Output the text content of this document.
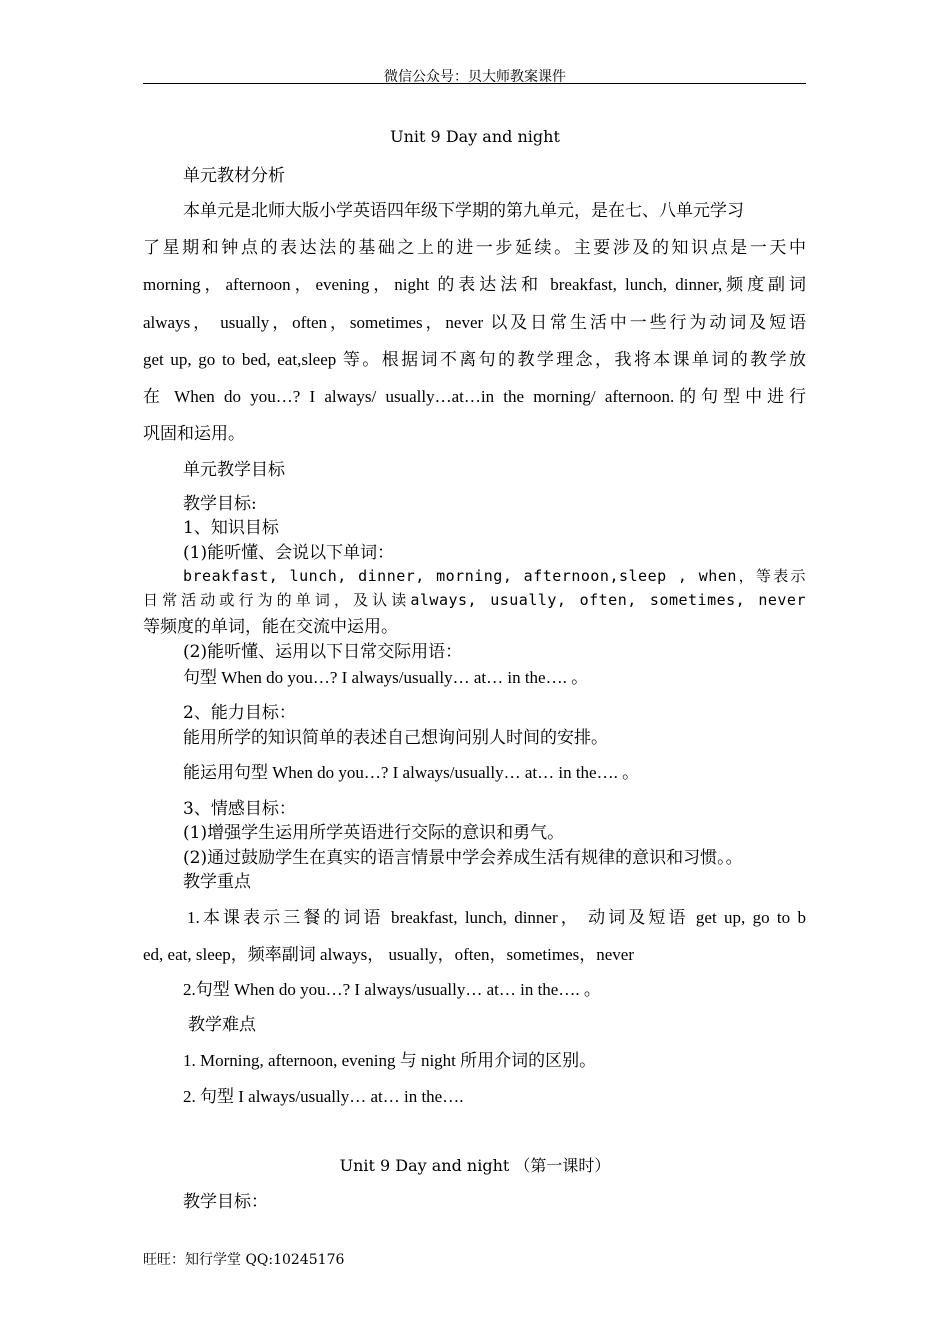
微信公众号：贝大师教案课件
Unit 9 Day and night
单元教材分析
本单元是北师大版小学英语四年级下学期的第九单元，是在七、八单元学习
了星期和钟点的表达法的基础之上的进一步延续。主要涉及的知识点是一天中
morning，afternoon，evening，night 的表达法和 breakfast, lunch, dinner,频度副词
always， usually，often，sometimes，never 以及日常生活中一些行为动词及短语
get up, go to bed, eat,sleep 等。根据词不离句的教学理念，我将本课单词的教学放
在 When do you…? I always/ usually…at…in the morning/ afternoon.的句型中进行
巩固和运用。
单元教学目标
教学目标:
1、知识目标
(1)能听懂、会说以下单词：
breakfast, lunch, dinner, morning, afternoon,sleep , when，等表示
日常活动或行为的单词，及认读always, usually, often, sometimes, never
等频度的单词，能在交流中运用。
(2)能听懂、运用以下日常交际用语：
句型 When do you…? I always/usually… at… in the…. 。
2、能力目标：
能用所学的知识简单的表述自己想询问别人时间的安排。
能运用句型 When do you…? I always/usually… at… in the…. 。
3、情感目标：
(1)增强学生运用所学英语进行交际的意识和勇气。
(2)通过鼓励学生在真实的语言情景中学会养成生活有规律的意识和习惯。。
教学重点
1.本课表示三餐的词语 breakfast, lunch, dinner， 动词及短语 get up, go to b
ed, eat, sleep，频率副词 always， usually，often，sometimes，never
2.句型 When do you…? I always/usually… at… in the…. 。
教学难点
1. Morning, afternoon, evening 与 night 所用介词的区别。
2. 句型 I always/usually… at… in the….
Unit 9 Day and night （第一课时）
教学目标：
旺旺：知行学堂 QQ:10245176
